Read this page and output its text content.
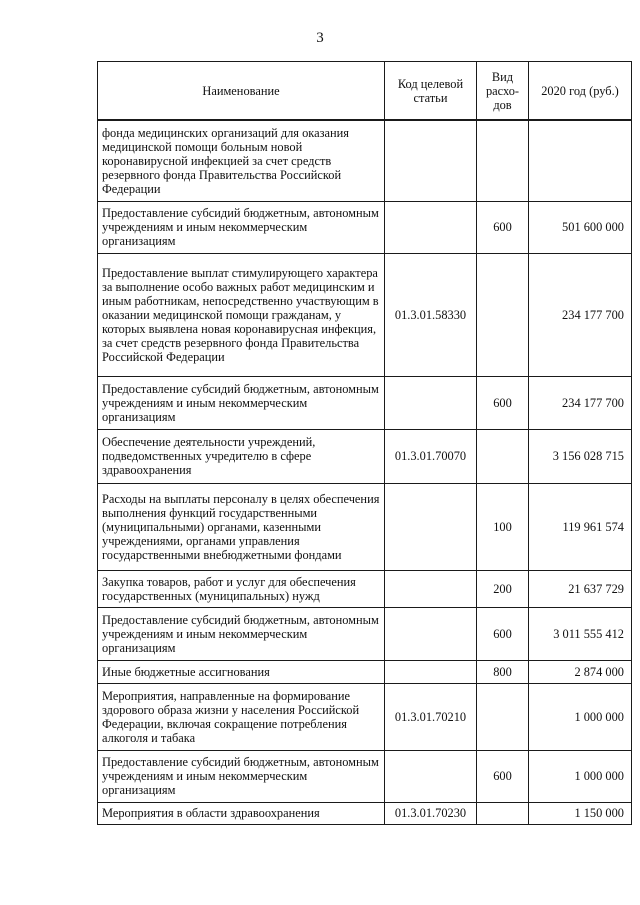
3
Наименование	Код целевой статьи	Вид расхо-дов	2020 год (руб.)
фонда медицинских организаций для оказания медицинской помощи больным новой коронавирусной инфекцией за счет средств резервного фонда Правительства Российской Федерации			
Предоставление субсидий бюджетным, автономным учреждениям и иным некоммерческим организациям		600	501 600 000
Предоставление выплат стимулирующего характера за выполнение особо важных работ медицинским и иным работникам, непосредственно участвующим в оказании медицинской помощи гражданам, у которых выявлена новая коронавирусная инфекция, за счет средств резервного фонда Правительства Российской Федерации	01.3.01.58330		234 177 700
Предоставление субсидий бюджетным, автономным учреждениям и иным некоммерческим организациям		600	234 177 700
Обеспечение деятельности учреждений, подведомственных учредителю в сфере здравоохранения	01.3.01.70070		3 156 028 715
Расходы на выплаты персоналу в целях обеспечения выполнения функций государственными (муниципальными) органами, казенными учреждениями, органами управления государственными внебюджетными фондами		100	119 961 574
Закупка товаров, работ и услуг для обеспечения государственных (муниципальных) нужд		200	21 637 729
Предоставление субсидий бюджетным, автономным учреждениям и иным некоммерческим организациям		600	3 011 555 412
Иные бюджетные ассигнования		800	2 874 000
Мероприятия, направленные на формирование здорового образа жизни у населения Российской Федерации, включая сокращение потребления алкоголя и табака	01.3.01.70210		1 000 000
Предоставление субсидий бюджетным, автономным учреждениям и иным некоммерческим организациям		600	1 000 000
Мероприятия в области здравоохранения	01.3.01.70230		1 150 000
